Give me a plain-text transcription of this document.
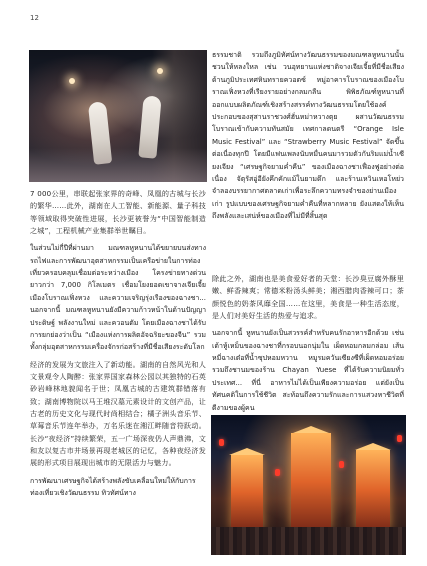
12

7 000公里，串联起张家界的奇峰、凤凰的古城与长沙的繁华……此外，湖南在人工智能、新能源、量子科技等领域取得突破性进展，长沙更被誉为“中国智能制造之城”，工程机械产业集群举世瞩目。

ในส่วนไม่กี่ปีที่ผ่านมา มณฑลหูหนานได้ขยายบนส่งทางรถไฟและการพัฒนาอุตสาหกรรมเป็นเครือข่ายในการท่องเที่ยวครอบคลุมเชื่อมต่อระหว่างเมือง โครงข่ายทางด่วนยาวกว่า 7,000 กิโลเมตร เชื่อมโยงยอดเขาจางเจียเจี้ย เมืองโบราณเฟิ่งหวง และความเจริญรุ่งเรืองของฉางชา... นอกจากนี้ มณฑลหูหนานยังมีความก้าวหน้าในด้านปัญญาประดิษฐ์ พลังงานใหม่ และควอนตัม โดยเมืองฉางชาได้รับการยกย่องว่าเป็น “เมืองแห่งการผลิตอัจฉริยะของจีน” รวมทั้งกลุ่มอุตสาหกรรมเครื่องจักรก่อสร้างที่มีชื่อเสียงระดับโลก

经济的发展为文旅注入了新动能。湖南的自然风光和人文景观令人陶醉：张家界国家森林公园以其独特的石英砂岩峰林地貌闻名于世；凤凰古城的古建筑群错落有致；湖南博物院以马王堆汉墓元素设计的文创产品，让古老的历史文化与现代时尚相结合；橘子洲头音乐节、草莓音乐节连年举办，万名乐迷在湘江畔随音符跃动。长沙“夜经济”持续繁荣，五一广场深夜仍人声鼎沸，文和友以复古市井场景再现老城区的记忆，各种夜经济发展的形式项目展现出城市的无限活力与魅力。

การพัฒนาเศรษฐกิจได้สร้างพลังขับเคลื่อนใหม่ให้กับการท่องเที่ยวเชิงวัฒนธรรม ทิวทัศน์ทาง

ธรรมชาติ รวมถึงภูมิทัศน์ทางวัฒนธรรมของมณฑลหูหนานนั้นชวนให้หลงใหล เช่น วนอุทยานแห่งชาติจางเจียเจี้ยที่มีชื่อเสียงด้านภูมิประเทศหินทรายควอตซ์ หมู่อาคารโบราณของเมืองโบราณเฟิ่งหวงที่เรียงรายอย่างกลมกลืน พิพิธภัณฑ์หูหนานที่ออกแบบผลิตภัณฑ์เชิงสร้างสรรค์ทางวัฒนธรรมโดยใช้องค์ประกอบของสุสานราชวงศ์ฮั่นหม่าหวางตุย ผสานวัฒนธรรมโบราณเข้ากับความทันสมัย เทศกาลดนตรี “Orange Isle Music Festival” และ “Strawberry Music Festival” จัดขึ้นต่อเนื่องทุกปี โดยมีแฟนเพลงนับหมื่นคนมารวมตัวกันริมแม่น้ำเซียงเจียง “เศรษฐกิจยามค่ำคืน” ของเมืองฉางชาเฟื่องฟูอย่างต่อเนื่อง จัตุรัสอู่อียังคึกคักแม้ในยามดึก และร้านเหวินเหอโหย่วจำลองบรรยากาศตลาดเก่าเพื่อระลึกความทรงจำของย่านเมืองเก่า รูปแบบของเศรษฐกิจยามค่ำคืนที่หลากหลาย ยังแสดงให้เห็นถึงพลังและเสน่ห์ของเมืองที่ไม่มีที่สิ้นสุด

除此之外，湖南也是美食爱好者的天堂：长沙臭豆腐外酥里嫩、鲜香辣爽；常德米粉汤头鲜美；湘西腊肉香辣可口；茶颜悦色的奶茶风靡全国……在这里，美食是一种生活态度，是人们对美好生活的热爱与追求。

นอกจากนี้ หูหนานยังเป็นสวรรค์สำหรับคนรักอาหารอีกด้วย เช่น เต้าหู้เหม็นของฉางชาที่กรอบนอกนุ่มใน เผ็ดหอมกลมกล่อม เส้นหมี่ฉางเต๋อที่น้ำซุปหอมหวาน หมูรมควันเซียงซีที่เผ็ดหอมอร่อย รวมถึงชานมของร้าน Chayan Yuese ที่ได้รับความนิยมทั่วประเทศ... ที่นี่ อาหารไม่ได้เป็นเพียงความอร่อย แต่ยังเป็นทัศนคติในการใช้ชีวิต สะท้อนถึงความรักและการแสวงหาชีวิตที่ดีงามของผู้คน
